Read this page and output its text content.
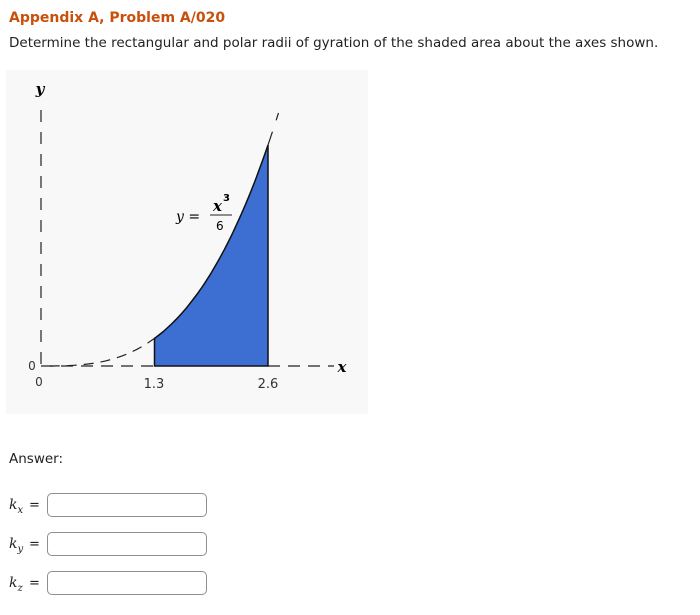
Appendix A, Problem A/020
Determine the rectangular and polar radii of gyration of the shaded area about the axes shown.
y
x
0
0	1.3	2.6
y =
x 3
6
Answer:
$k_x$ =
$k_y$ =
$k_z$ =
